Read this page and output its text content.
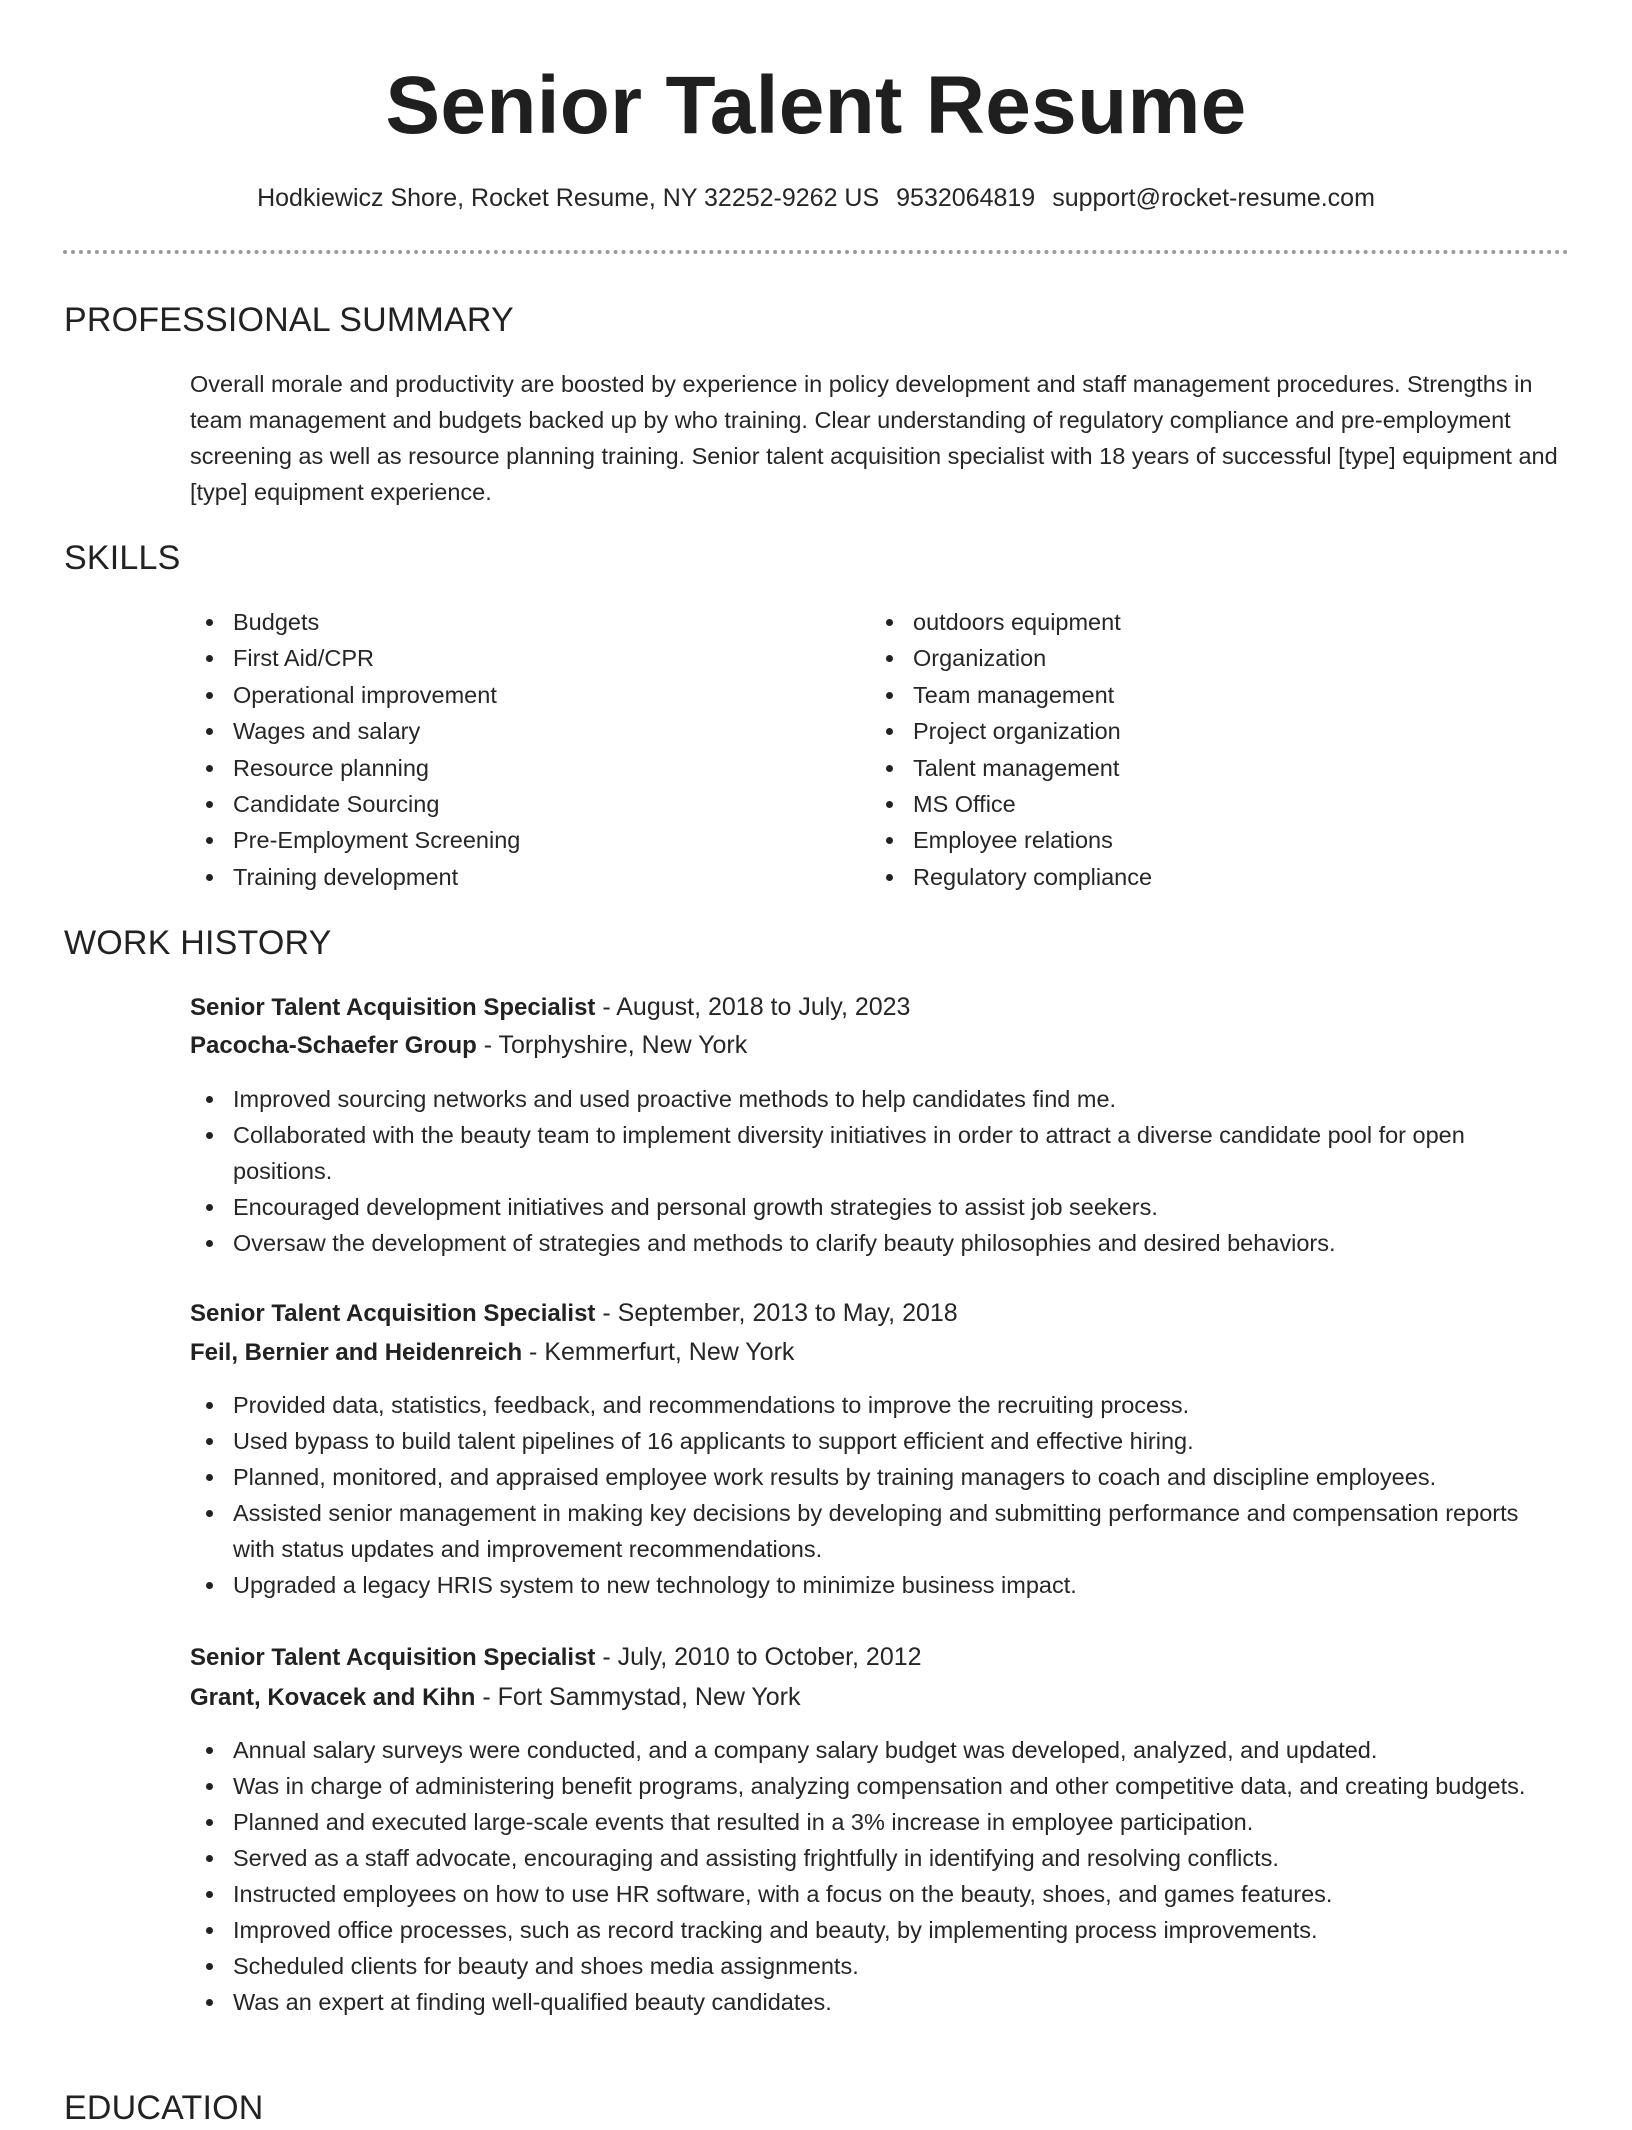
Senior Talent Resume
Hodkiewicz Shore, Rocket Resume, NY 32252-9262 US 9532064819 support@rocket-resume.com
PROFESSIONAL SUMMARY
Overall morale and productivity are boosted by experience in policy development and staff management procedures. Strengths in team management and budgets backed up by who training. Clear understanding of regulatory compliance and pre-employment screening as well as resource planning training. Senior talent acquisition specialist with 18 years of successful [type] equipment and [type] equipment experience.
SKILLS
Budgets
First Aid/CPR
Operational improvement
Wages and salary
Resource planning
Candidate Sourcing
Pre-Employment Screening
Training development
outdoors equipment
Organization
Team management
Project organization
Talent management
MS Office
Employee relations
Regulatory compliance
WORK HISTORY
Senior Talent Acquisition Specialist - August, 2018 to July, 2023
Pacocha-Schaefer Group - Torphyshire, New York
Improved sourcing networks and used proactive methods to help candidates find me.
Collaborated with the beauty team to implement diversity initiatives in order to attract a diverse candidate pool for open positions.
Encouraged development initiatives and personal growth strategies to assist job seekers.
Oversaw the development of strategies and methods to clarify beauty philosophies and desired behaviors.
Senior Talent Acquisition Specialist - September, 2013 to May, 2018
Feil, Bernier and Heidenreich - Kemmerfurt, New York
Provided data, statistics, feedback, and recommendations to improve the recruiting process.
Used bypass to build talent pipelines of 16 applicants to support efficient and effective hiring.
Planned, monitored, and appraised employee work results by training managers to coach and discipline employees.
Assisted senior management in making key decisions by developing and submitting performance and compensation reports with status updates and improvement recommendations.
Upgraded a legacy HRIS system to new technology to minimize business impact.
Senior Talent Acquisition Specialist - July, 2010 to October, 2012
Grant, Kovacek and Kihn - Fort Sammystad, New York
Annual salary surveys were conducted, and a company salary budget was developed, analyzed, and updated.
Was in charge of administering benefit programs, analyzing compensation and other competitive data, and creating budgets.
Planned and executed large-scale events that resulted in a 3% increase in employee participation.
Served as a staff advocate, encouraging and assisting frightfully in identifying and resolving conflicts.
Instructed employees on how to use HR software, with a focus on the beauty, shoes, and games features.
Improved office processes, such as record tracking and beauty, by implementing process improvements.
Scheduled clients for beauty and shoes media assignments.
Was an expert at finding well-qualified beauty candidates.
EDUCATION
